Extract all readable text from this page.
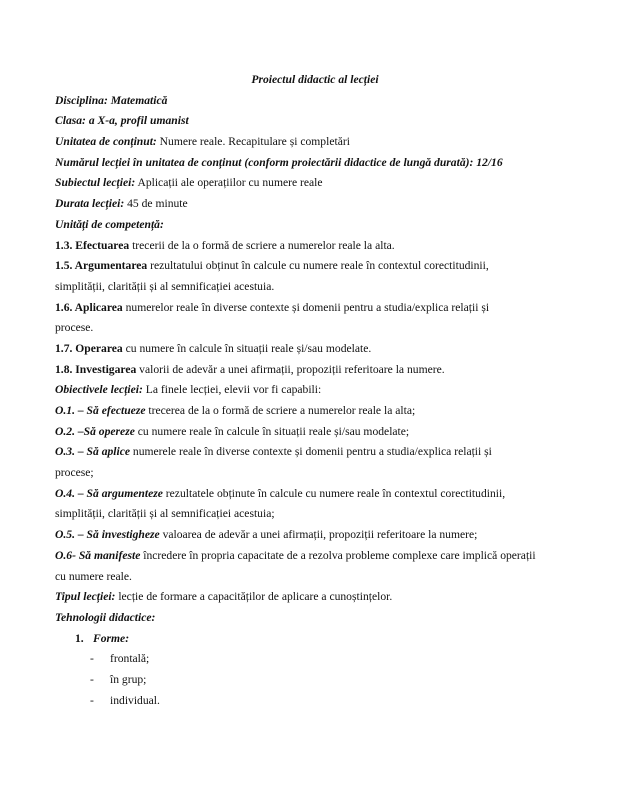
Proiectul didactic al lecției
Disciplina: Matematică
Clasa: a X-a, profil umanist
Unitatea de conținut: Numere reale. Recapitulare și completări
Numărul lecției în unitatea de conținut (conform proiectării didactice de lungă durată): 12/16
Subiectul lecției: Aplicații ale operațiilor cu numere reale
Durata lecției: 45 de minute
Unități de competență:
1.3. Efectuarea trecerii de la o formă de scriere a numerelor reale la alta.
1.5. Argumentarea rezultatului obținut în calcule cu numere reale în contextul corectitudinii,
simplității, clarității și al semnificației acestuia.
1.6. Aplicarea numerelor reale în diverse contexte și domenii pentru a studia/explica relații și
procese.
1.7. Operarea cu numere în calcule în situații reale și/sau modelate.
1.8. Investigarea valorii de adevăr a unei afirmații, propoziții referitoare la numere.
Obiectivele lecției: La finele lecției, elevii vor fi capabili:
O.1. – Să efectueze trecerea de la o formă de scriere a numerelor reale la alta;
O.2. –Să opereze cu numere reale în calcule în situații reale și/sau modelate;
O.3. – Să aplice numerele reale în diverse contexte și domenii pentru a studia/explica relații și
procese;
O.4. – Să argumenteze rezultatele obținute în calcule cu numere reale în contextul corectitudinii,
simplității, clarității și al semnificației acestuia;
O.5. – Să investigheze valoarea de adevăr a unei afirmații, propoziții referitoare la numere;
O.6- Să manifeste încredere în propria capacitate de a rezolva probleme complexe care implică operații
cu numere reale.
Tipul lecției: lecție de formare a capacităților de aplicare a cunoștințelor.
Tehnologii didactice:
1. Forme:
- frontală;
- în grup;
- individual.
